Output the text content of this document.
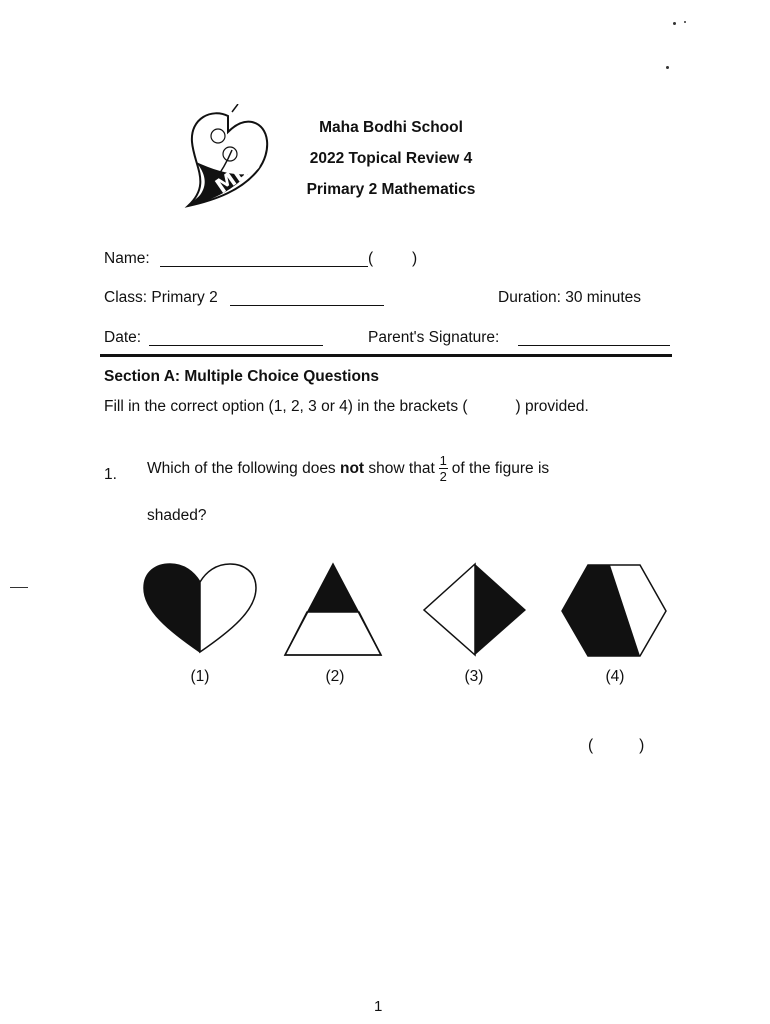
MBS
Maha Bodhi School
2022 Topical Review 4
Primary 2 Mathematics
Name:	(	)
Class: Primary 2	Duration: 30 minutes
Date:	Parent's Signature:
Section A: Multiple Choice Questions
Fill in the correct option (1, 2, 3 or 4) in the brackets (	) provided.
1. Which of the following does
not
show that $\frac{1}{2}$ of the figure is
shaded?
(1)	(2)	(3)	(4)
(	)
1
